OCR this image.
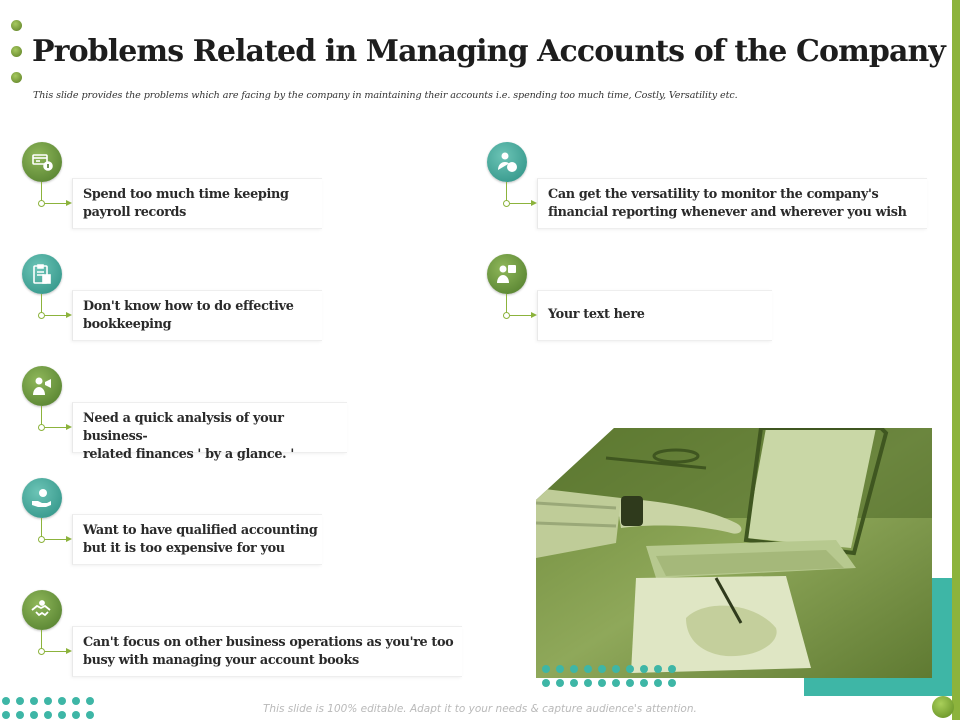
Problems Related in Managing Accounts of the Company
This slide provides the problems which are facing by the company in maintaining their accounts i.e. spending too much time, Costly, Versatility etc.
Spend too much time keeping
payroll records
Don't know how to do effective
bookkeeping
Need a quick analysis of your business-
related finances ' by a glance. '
Want to have qualified accounting
but it is too expensive for you
Can't focus on other business operations as you're too
busy with managing your account books
Can get the versatility to monitor the company's
financial reporting whenever and wherever you wish
Your text here
This slide is 100% editable. Adapt it to your needs & capture audience's attention.
